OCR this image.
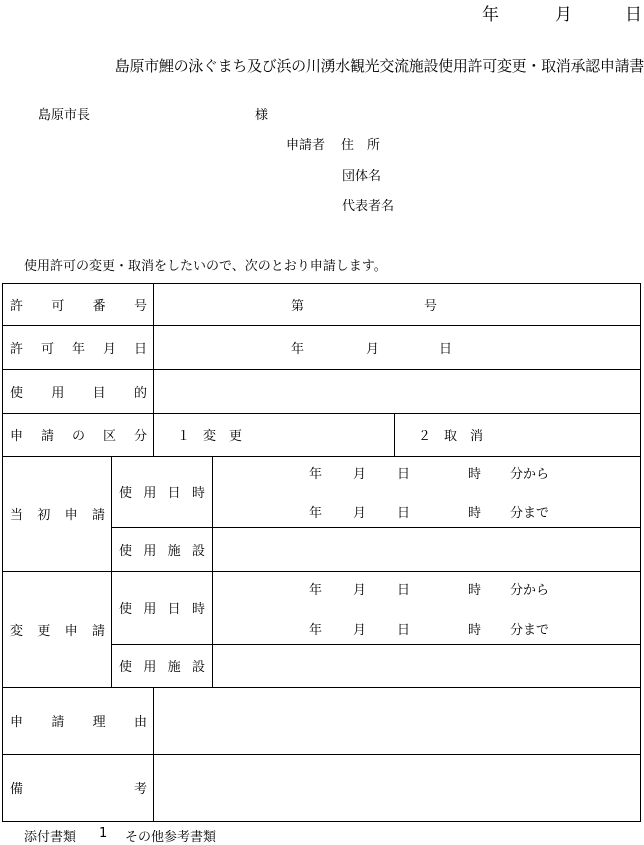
年	月	日
島原市鯉の泳ぐまち及び浜の川湧水観光交流施設使用許可変更・取消承認申請書
島原市長	様
申請者 住　所
団体名
代表者名
使用許可の変更・取消をしたいので、次のとおり申請します。
許 可 番 号	第	号
許 可 年 月 日	年	月	日
使 用 目 的
申 請 の 区 分 １　変　更	２　取　消
当 初 申 請
使 用 日 時
年 月 日	時 分から
年 月 日	時 分まで
使 用 施 設
変 更 申 請
使 用 日 時
年 月 日	時 分から
年 月 日	時 分まで
使 用 施 設
申 請 理 由
備	考
添付書類 1 その他参考書類
